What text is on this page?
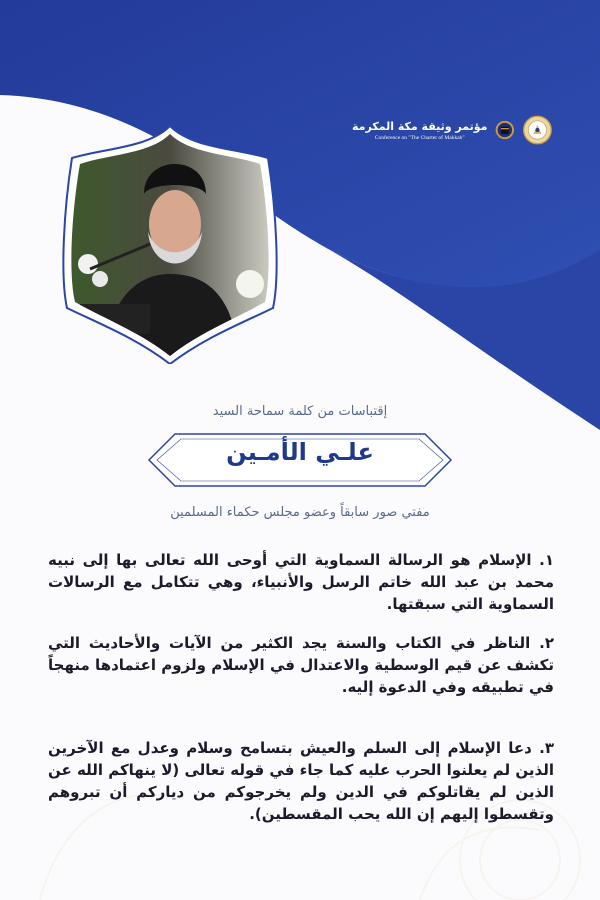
مؤتمر وثيقة مكة المكرمة
Conference on "The Charter of Makkah"
إقتباسات من كلمة سماحة السيد
علـي الأمـين
مفتي صور سابقاً وعضو مجلس حكماء المسلمين
١. الإسلام هو الرسالة السماوية التي أوحى الله تعالى بها إلى نبيه محمد بن عبد الله خاتم الرسل والأنبياء، وهي تتكامل مع الرسالات السماوية التي سبقتها.
٢. الناظر في الكتاب والسنة يجد الكثير من الآيات والأحاديث التي تكشف عن قيم الوسطية والاعتدال في الإسلام ولزوم اعتمادها منهجاً في تطبيقه وفي الدعوة إليه.
٣. دعا الإسلام إلى السلم والعيش بتسامح وسلام وعدل مع الآخرين الذين لم يعلنوا الحرب عليه كما جاء في قوله تعالى (لا ينهاكم الله عن الذين لم يقاتلوكم في الدين ولم يخرجوكم من دياركم أن تبروهم وتقسطوا إليهم إن الله يحب المقسطين).
